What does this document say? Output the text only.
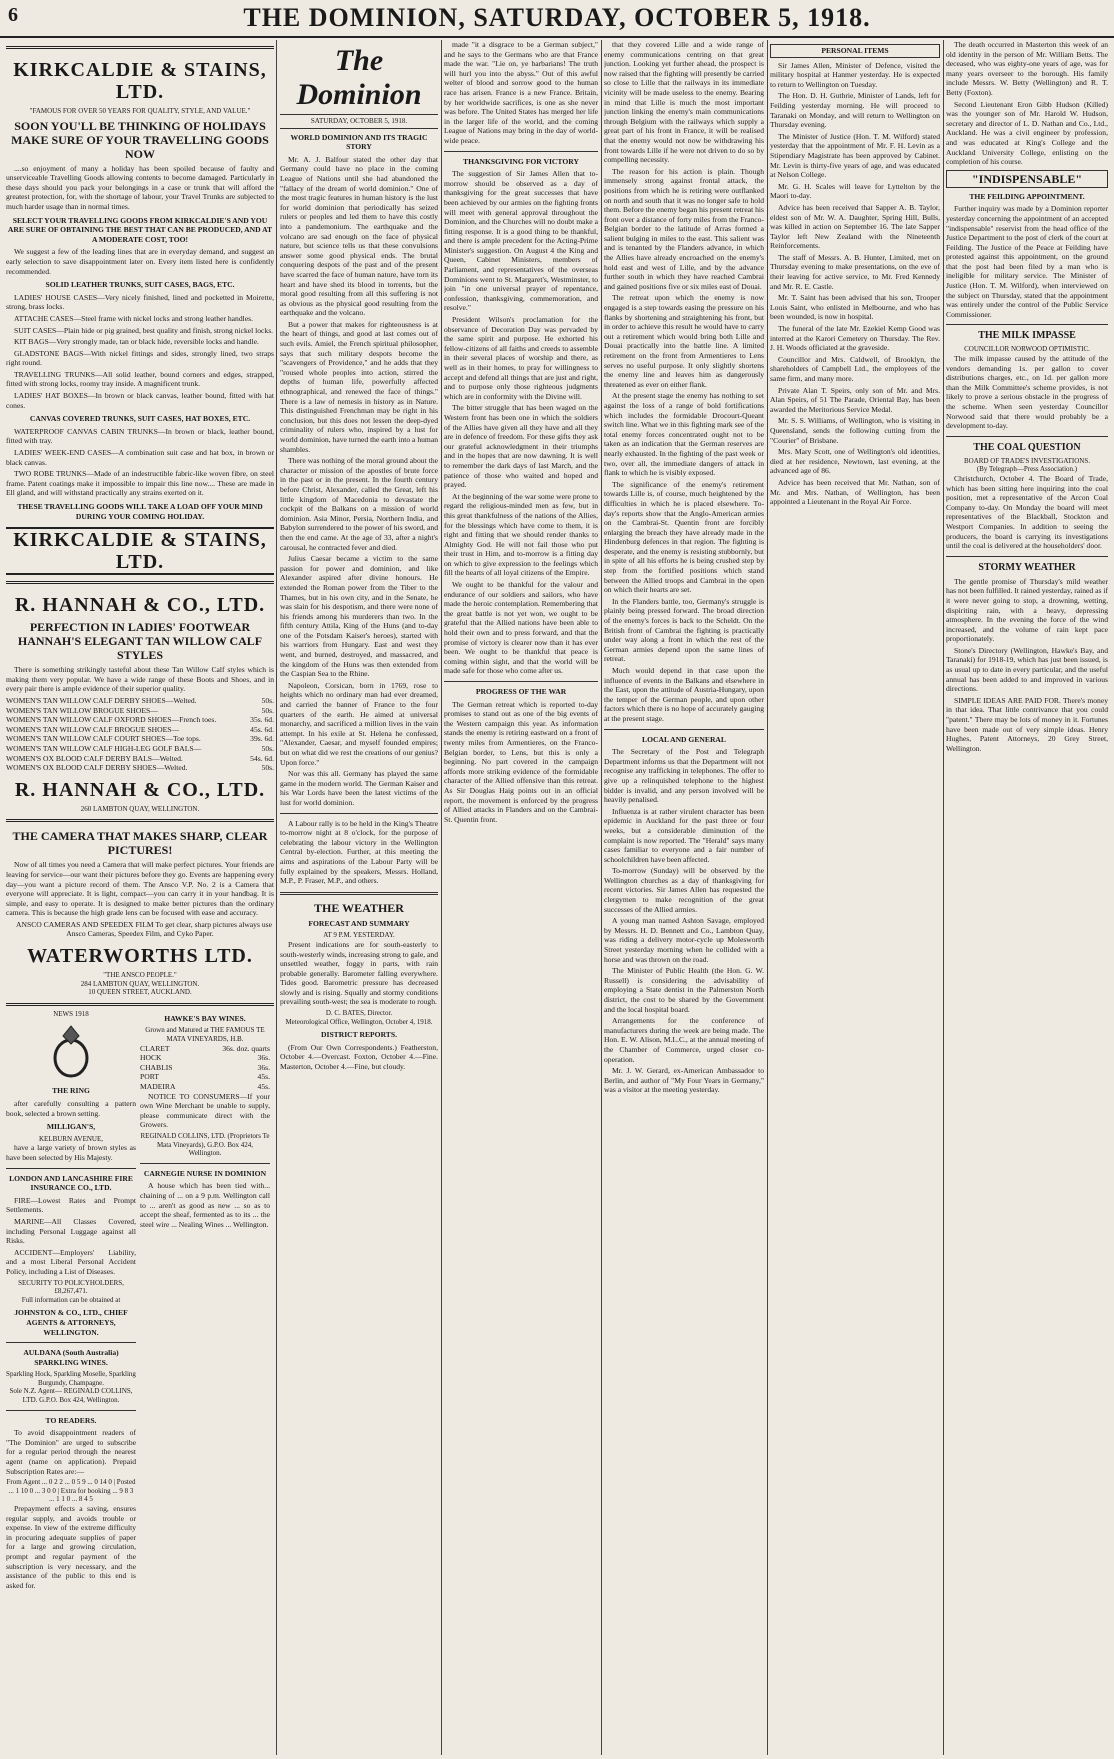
6	THE DOMINION, SATURDAY, OCTOBER 5, 1918.
KIRKCALDIE & STAINS, LTD.
"FAMOUS FOR OVER 50 YEARS FOR QUALITY, STYLE, AND VALUE."
SOON YOU'LL BE THINKING OF HOLIDAYS MAKE SURE OF YOUR TRAVELLING GOODS NOW

....so enjoyment of many a holiday has been spoiled because of faulty and unserviceable Travelling Goods allowing contents to become damaged. Particularly in these days should you pack your belongings in a case or trunk that will afford the greatest protection, for, with the shortage of labour, your Travel Trunks are subjected to much harder usage than in normal times.

SELECT YOUR TRAVELLING GOODS FROM KIRKCALDIE'S AND YOU ARE SURE OF OBTAINING THE BEST THAT CAN BE PRODUCED, AND AT A MODERATE COST, TOO!

We suggest a few of the leading lines that are in everyday demand, and suggest an early selection to save disappointment later on. Every item listed here is confidently recommended.

SOLID LEATHER TRUNKS, SUIT CASES, BAGS, ETC.

LADIES' HOUSE CASES—Very nicely finished, lined and pocketted in Moirette, strong, brass locks.

ATTACHE CASES—Steel frame with nickel locks and strong leather handles.

SUIT CASES—Plain hide or pig grained, best quality and finish, strong nickel locks.

KIT BAGS—Very strongly made, tan or black hide, reversible locks and handle.

GLADSTONE BAGS—With nickel fittings and sides, strongly lined, two straps right round.

TRAVELLING TRUNKS—All solid leather, bound corners and edges, strapped, fitted with strong locks, roomy tray inside. A magnificent trunk.

LADIES' HAT BOXES—In brown or black canvas, leather bound, fitted with hat cones.

CANVAS COVERED TRUNKS, SUIT CASES, HAT BOXES, ETC.

WATERPROOF CANVAS CABIN TRUNKS—In brown or black, leather bound, fitted with tray.

LADIES' WEEK-END CASES—A combination suit case and hat box, in brown or black canvas.

TWO ROBE TRUNKS—Made of an indestructible fabric-like woven fibre, on steel frame. Patent coatings make it impossible to impair this line now.... These are made in Ell gland, and will withstand practically any strains exerted on it.

THESE TRAVELLING GOODS WILL TAKE A LOAD OFF YOUR MIND DURING YOUR COMING HOLIDAY.
KIRKCALDIE & STAINS, LTD.
R. HANNAH & CO., LTD.
PERFECTION IN LADIES' FOOTWEAR HANNAH'S ELEGANT TAN WILLOW CALF STYLES

There is something strikingly tasteful about these Tan Willow Calf styles which is making them very popular. We have a wide range of these Boots and Shoes, and in every pair there is ample evidence of their superior quality.

WOMEN'S TAN WILLOW CALF DERBY SHOES—Welted.	50s.
WOMEN'S TAN WILLOW BROGUE SHOES—	50s.
WOMEN'S TAN WILLOW CALF OXFORD SHOES—French toes.	35s. 6d.
WOMEN'S TAN WILLOW CALF BROGUE SHOES—	45s. 6d.
WOMEN'S TAN WILLOW CALF COURT SHOES—Toe tops.	39s. 6d.
WOMEN'S TAN WILLOW CALF HIGH-LEG GOLF BALS—	50s.
WOMEN'S OX BLOOD CALF DERBY BALS—Welted.	54s. 6d.
WOMEN'S OX BLOOD CALF DERBY SHOES—Welted.	50s.
R. HANNAH & CO., LTD.
260 LAMBTON QUAY, WELLINGTON.
THE CAMERA THAT MAKES SHARP, CLEAR PICTURES!

Now of all times you need a Camera that will make perfect pictures. Your friends are leaving for service—our want their pictures before they go. Events are happening every day—you want a picture record of them. The Ansco V.P. No. 2 is a Camera that everyone will appreciate. It is light, compact—you can carry it in your handbag. It is simple, and easy to operate. It is designed to make better pictures than the ordinary camera. This is because the high grade lens can be focused with ease and accuracy.

ANSCO CAMERAS AND SPEEDEX FILM To get clear, sharp pictures always use Ansco Cameras, Speedex Film, and Cyko Paper.

WATERWORTHS LTD.
"THE ANSCO PEOPLE."
284 LAMBTON QUAY, WELLINGTON.
10 QUEEN STREET, AUCKLAND.
NEWS 1918
THE RING

after carefully consulting a pattern book, selected a brown setting.

MILLIGAN'S,
KELBURN AVENUE,

have a large variety of brown styles as have been selected by His Majesty.

LONDON AND LANCASHIRE FIRE INSURANCE CO., LTD.

FIRE—Lowest Rates and Prompt Settlements.

MARINE—All Classes Covered, including Personal Luggage against all Risks.

ACCIDENT—Employers' Liability, and a most Liberal Personal Accident Policy, including a List of Diseases.

SECURITY TO POLICYHOLDERS, £8,267,471.
Full information can be obtained at
JOHNSTON & CO., LTD., CHIEF AGENTS & ATTORNEYS, WELLINGTON.
AULDANA (South Australia) SPARKLING WINES.
Sparkling Hock, Sparkling Moselle, Sparkling Burgundy, Champagne.
Sole N.Z. Agent— REGINALD COLLINS, LTD. G.P.O. Box 424, Wellington.
TO READERS.

To avoid disappointment readers of "The Dominion" are urged to subscribe for a regular period through the nearest agent (name on application). Prepaid Subscription Rates are:—

From Agent ... 0 2 2 ... 0 5 9 ... 0 14 0 | Posted ... 1 10 0 ... 3 0 0 | Extra for booking ... 9 8 3 ... 1 1 0 ... 8 4 5

Prepayment effects a saving, ensures regular supply, and avoids trouble or expense. In view of the extreme difficulty in procuring adequate supplies of paper for a large and growing circulation, prompt and regular payment of the subscription is very necessary, and the assistance of the public to this end is asked for.

HAWKE'S BAY WINES.
Grown and Matured at THE FAMOUS TE MATA VINEYARDS, H.B.
CLARET	36s. doz. quarts
HOCK	36s.
CHABLIS	36s.
PORT	45s.
MADEIRA	45s.

NOTICE TO CONSUMERS—If your own Wine Merchant be unable to supply, please communicate direct with the Growers.

REGINALD COLLINS, LTD. (Proprietors Te Mata Vineyards), G.P.O. Box 424, Wellington.
CARNEGIE NURSE IN DOMINION

A house which has been tied with... chaining of ... on a 9 p.m. Wellington call to ... aren't as good as new ... so as to accept the sheaf, fermented as to its ... the steel wire ... Nealing Wines ... Wellington.

The Dominion
SATURDAY, OCTOBER 5, 1918.
WORLD DOMINION AND ITS TRAGIC STORY

Mr. A. J. Balfour stated the other day that Germany could have no place in the coming League of Nations until she had abandoned the "fallacy of the dream of world dominion." One of the most tragic features in human history is the lust for world dominion that periodically has seized rulers or peoples and led them to have this costly into a pandemonium. The earthquake and the volcano are sad enough on the face of physical nature, but science tells us that these convulsions answer some good physical ends. The brutal conquering despots of the past and of the present have scarred the face of human nature, have torn its heart and have shed its blood in torrents, but the moral good resulting from all this suffering is not as obvious as the physical good resulting from the earthquake and the volcano.

But a power that makes for righteousness is at the heart of things, and good at last comes out of such evils. Amiel, the French spiritual philosopher, says that such military despots become the "scavengers of Providence," and he adds that they "roused whole peoples into action, stirred the depths of human life, powerfully affected ethnographical, and renewed the face of things." There is a law of nemesis in history as in Nature. This distinguished Frenchman may be right in his conclusion, but this does not lessen the deep-dyed criminality of rulers who, inspired by a lust for world dominion, have turned the earth into a human shambles.

There was nothing of the moral ground about the character or mission of the apostles of brute force in the past or in the present. In the fourth century before Christ, Alexander, called the Great, left his little kingdom of Macedonia to devastate the cockpit of the Balkans on a mission of world dominion. Asia Minor, Persia, Northern India, and Babylon surrendered to the power of his sword, and then the end came. At the age of 33, after a night's carousal, he contracted fever and died.

Julius Caesar became a victim to the same passion for power and dominion, and like Alexander aspired after divine honours. He extended the Roman power from the Tiber to the Thames, but in his own city, and in the Senate, he was slain for his despotism, and there were none of his friends among his murderers than two. In the fifth century Attila, King of the Huns (and to-day one of the Potsdam Kaiser's heroes), started with his warriors from Hungary. East and west they went, and burned, destroyed, and massacred, and the kingdom of the Huns was then extended from the Caspian Sea to the Rhine.

Napoleon, Corsican, born in 1769, rose to heights which no ordinary man had ever dreamed, and carried the banner of France to the four quarters of the earth. He aimed at universal monarchy, and sacrificed a million lives in the vain attempt. In his exile at St. Helena he confessed, "Alexander, Caesar, and myself founded empires; but on what did we rest the creations of our genius? Upon force."

Nor was this all. Germany has played the same game in the modern world. The German Kaiser and his War Lords have been the latest victims of the lust for world dominion.

A Labour rally is to be held in the King's Theatre to-morrow night at 8 o'clock, for the purpose of celebrating the labour victory in the Wellington Central by-election. Further, at this meeting the aims and aspirations of the Labour Party will be fully explained by the speakers, Messrs. Holland, M.P., P. Fraser, M.P., and others.

THE WEATHER
FORECAST AND SUMMARY
AT 9 P.M. YESTERDAY.

Present indications are for south-easterly to south-westerly winds, increasing strong to gale, and unsettled weather, foggy in parts, with rain probable generally. Barometer falling everywhere. Tides good. Barometric pressure has decreased slowly and is rising. Squally and stormy conditions prevailing south-west; the sea is moderate to rough.

D. C. BATES, Director.
Meteorological Office, Wellington, October 4, 1918.
DISTRICT REPORTS.

(From Our Own Correspondents.) Featherston, October 4.—Overcast. Foxton, October 4.—Fine. Masterton, October 4.—Fine, but cloudy.

made "it a disgrace to be a German subject," and he says to the Germans who are that France made the war. "Lie on, ye barbarians! The truth will hurl you into the abyss." Out of this awful welter of blood and sorrow good to the human race has arisen. France is a new France. Britain, by her worldwide sacrifices, is one as she never was before. The United States has merged her life in the larger life of the world, and the coming League of Nations may bring in the day of world-wide peace.

THANKSGIVING FOR VICTORY

The suggestion of Sir James Allen that to-morrow should be observed as a day of thanksgiving for the great successes that have been achieved by our armies on the fighting fronts will meet with general approval throughout the Dominion, and the Churches will no doubt make a fitting response. It is a good thing to be thankful, and there is ample precedent for the Acting-Prime Minister's suggestion. On August 4 the King and Queen, Cabinet Ministers, members of Parliament, and representatives of the overseas Dominions went to St. Margaret's, Westminster, to join "in one universal prayer of repentance, confession, thanksgiving, commemoration, and resolve."

President Wilson's proclamation for the observance of Decoration Day was pervaded by the same spirit and purpose. He exhorted his fellow-citizens of all faiths and creeds to assemble in their several places of worship and there, as well as in their homes, to pray for willingness to accept and defend all things that are just and right, and to purpose only those righteous judgments which are in conformity with the Divine will.

The bitter struggle that has been waged on the Western front has been one in which the soldiers of the Allies have given all they have and all they are in defence of freedom. For these gifts they ask our grateful acknowledgment in their triumphs and in the hopes that are now dawning. It is well to remember the dark days of last March, and the patience of those who waited and hoped and prayed.

At the beginning of the war some were prone to regard the religious-minded men as few, but in this great thankfulness of the nations of the Allies, for the blessings which have come to them, it is right and fitting that we should render thanks to Almighty God. He will not fail those who put their trust in Him, and to-morrow is a fitting day on which to give expression to the feelings which fill the hearts of all loyal citizens of the Empire.

We ought to be thankful for the valour and endurance of our soldiers and sailors, who have made the heroic contemplation. Remembering that the great battle is not yet won, we ought to be grateful that the Allied nations have been able to hold their own and to press forward, and that the promise of victory is clearer now than it has ever been. We ought to be thankful that peace is coming within sight, and that the world will be made safe for those who come after us.

PROGRESS OF THE WAR

The German retreat which is reported to-day promises to stand out as one of the big events of the Western campaign this year. As information stands the enemy is retiring eastward on a front of twenty miles from Armentieres, on the Franco-Belgian border, to Lens, but this is only a beginning. No part covered in the campaign affords more striking evidence of the formidable character of the Allied offensive than this retreat. As Sir Douglas Haig points out in an official report, the movement is enforced by the progress of Allied attacks in Flanders and on the Cambrai-St. Quentin front.

that they covered Lille and a wide range of enemy communications centring on that great junction. Looking yet further ahead, the prospect is now raised that the fighting will presently be carried so close to Lille that the railways in its immediate vicinity will be made useless to the enemy. Bearing in mind that Lille is much the most important junction linking the enemy's main communications through Belgium with the railways which supply a great part of his front in France, it will be realised that the enemy would not now be withdrawing his front towards Lille if he were not driven to do so by compelling necessity.

The reason for his action is plain. Though immensely strong against frontal attack, the positions from which he is retiring were outflanked on north and south that it was no longer safe to hold them. Before the enemy began his present retreat his front over a distance of forty miles from the Franco-Belgian border to the latitude of Arras formed a salient bulging in miles to the east. This salient was and is tenanted by the Flanders advance, in which the Allies have already encroached on the enemy's hold east and west of Lille, and by the advance further south in which they have reached Cambrai and gained positions five or six miles east of Douai.

The retreat upon which the enemy is now engaged is a step towards easing the pressure on his flanks by shortening and straightening his front, but in order to achieve this result he would have to carry out a retirement which would bring both Lille and Douai practically into the battle line. A limited retirement on the front from Armentieres to Lens serves no useful purpose. It only slightly shortens the enemy line and leaves him as dangerously threatened as ever on either flank.

At the present stage the enemy has nothing to set against the loss of a range of bold fortifications which includes the formidable Drocourt-Queant switch line. What we in this fighting mark see of the total enemy forces concentrated ought not to be taken as an indication that the German reserves are nearly exhausted. In the fighting of the past week or two, over all, the immediate dangers of attack in flank to which he is visibly exposed.

The significance of the enemy's retirement towards Lille is, of course, much heightened by the difficulties in which he is placed elsewhere. To-day's reports show that the Anglo-American armies on the Cambrai-St. Quentin front are forcibly enlarging the breach they have already made in the Hindenburg defences in that region. The fighting is desperate, and the enemy is resisting stubbornly, but in spite of all his efforts he is being crushed step by step from the fortified positions which stand between the Allied troops and Cambrai in the open on which their hearts are set.

In the Flanders battle, too, Germany's struggle is plainly being pressed forward. The broad direction of the enemy's forces is back to the Scheldt. On the British front of Cambrai the fighting is practically under way along a front in which the rest of the German armies depend upon the same lines of retreat.

Much would depend in that case upon the influence of events in the Balkans and elsewhere in the East, upon the attitude of Austria-Hungary, upon the temper of the German people, and upon other factors which there is no hope of accurately gauging at the present stage.

LOCAL AND GENERAL

The Secretary of the Post and Telegraph Department informs us that the Department will not recognise any trafficking in telephones. The offer to give up a relinquished telephone to the highest bidder is invalid, and any person involved will be heavily penalised.

Influenza is at rather virulent character has been epidemic in Auckland for the past three or four weeks, but a considerable diminution of the complaint is now reported. The "Herald" says many cases familiar to everyone and a fair number of schoolchildren have been affected.

To-morrow (Sunday) will be observed by the Wellington churches as a day of thanksgiving for recent victories. Sir James Allen has requested the clergymen to make recognition of the great successes of the Allied armies.

A young man named Ashton Savage, employed by Messrs. H. D. Bennett and Co., Lambton Quay, was riding a delivery motor-cycle up Molesworth Street yesterday morning when he collided with a horse and was thrown on the road.

The Minister of Public Health (the Hon. G. W. Russell) is considering the advisability of employing a State dentist in the Palmerston North district, the cost to be shared by the Government and the local hospital board.

Arrangements for the conference of manufacturers during the week are being made. The Hon. E. W. Alison, M.L.C., at the annual meeting of the Chamber of Commerce, urged closer co-operation.

Mr. J. W. Gerard, ex-American Ambassador to Berlin, and author of "My Four Years in Germany," was a visitor at the meeting yesterday.

PERSONAL ITEMS

Sir James Allen, Minister of Defence, visited the military hospital at Hanmer yesterday. He is expected to return to Wellington on Tuesday.

The Hon. D. H. Guthrie, Minister of Lands, left for Feilding yesterday morning. He will proceed to Taranaki on Monday, and will return to Wellington on Thursday evening.

The Minister of Justice (Hon. T. M. Wilford) stated yesterday that the appointment of Mr. F. H. Levin as a Stipendiary Magistrate has been approved by Cabinet. Mr. Levin is thirty-five years of age, and was educated at Nelson College.

Mr. G. H. Scales will leave for Lyttelton by the Maori to-day.

Advice has been received that Sapper A. B. Taylor, eldest son of Mr. W. A. Daughter, Spring Hill, Bulls, was killed in action on September 16. The late Sapper Taylor left New Zealand with the Nineteenth Reinforcements.

The staff of Messrs. A. B. Hunter, Limited, met on Thursday evening to make presentations, on the eve of their leaving for active service, to Mr. Fred Kennedy and Mr. R. E. Castle.

Mr. T. Saint has been advised that his son, Trooper Louis Saint, who enlisted in Melbourne, and who has been wounded, is now in hospital.

The funeral of the late Mr. Ezekiel Kemp Good was interred at the Karori Cemetery on Thursday. The Rev. J. H. Woods officiated at the graveside.

Councillor and Mrs. Caldwell, of Brooklyn, the shareholders of Campbell Ltd., the employees of the same firm, and many more.

Private Alan T. Speirs, only son of Mr. and Mrs. Alan Speirs, of 51 The Parade, Oriental Bay, has been awarded the Meritorious Service Medal.

Mr. S. S. Williams, of Wellington, who is visiting in Queensland, sends the following cutting from the "Courier" of Brisbane.

Mrs. Mary Scott, one of Wellington's old identities, died at her residence, Newtown, last evening, at the advanced age of 86.

Advice has been received that Mr. Nathan, son of Mr. and Mrs. Nathan, of Wellington, has been appointed a Lieutenant in the Royal Air Force.

The death occurred in Masterton this week of an old identity in the person of Mr. William Betts. The deceased, who was eighty-one years of age, was for many years overseer to the borough. His family include Messrs. W. Betty (Wellington) and R. T. Betty (Foxton).

Second Lieutenant Eron Gibb Hudson (Killed) was the younger son of Mr. Harold W. Hudson, secretary and director of L. D. Nathan and Co., Ltd., Auckland. He was a civil engineer by profession, and was educated at King's College and the Auckland University College, enlisting on the completion of his course.

"INDISPENSABLE"
THE FEILDING APPOINTMENT.

Further inquiry was made by a Dominion reporter yesterday concerning the appointment of an accepted "indispensable" reservist from the head office of the Justice Department to the post of clerk of the court at Feilding. The Justice of the Peace at Feilding have protested against this appointment, on the ground that the post had been filed by a man who is ineligible for military service. The Minister of Justice (Hon. T. M. Wilford), when interviewed on the subject on Thursday, stated that the appointment was entirely under the control of the Public Service Commissioner.

THE MILK IMPASSE
COUNCILLOR NORWOOD OPTIMISTIC.

The milk impasse caused by the attitude of the vendors demanding 1s. per gallon to cover distributions charges, etc., on 1d. per gallon more than the Milk Committee's scheme provides, is not likely to prove a serious obstacle in the progress of the scheme. When seen yesterday Councillor Norwood said that there would probably be a development to-day.

THE COAL QUESTION
BOARD OF TRADE'S INVESTIGATIONS.
(By Telegraph—Press Association.)

Christchurch, October 4. The Board of Trade, which has been sitting here inquiring into the coal position, met a representative of the Arcon Coal Company to-day. On Monday the board will meet representatives of the Blackball, Stockton and Westport Companies. In addition to seeing the producers, the board is carrying its investigations until the coal is delivered at the householders' door.

STORMY WEATHER

The gentle promise of Thursday's mild weather has not been fulfilled. It rained yesterday, rained as if it were never going to stop, a drowning, wetting, dispiriting rain, with a heavy, depressing atmosphere. In the evening the force of the wind increased, and the volume of rain kept pace proportionately.

Stone's Directory (Wellington, Hawke's Bay, and Taranaki) for 1918-19, which has just been issued, is as usual up to date in every particular, and the useful annual has been added to and improved in various directions.

SIMPLE IDEAS ARE PAID FOR. There's money in that idea. That little contrivance that you could "patent." There may be lots of money in it. Fortunes have been made out of very simple ideas. Henry Hughes, Patent Attorneys, 20 Grey Street, Wellington.
